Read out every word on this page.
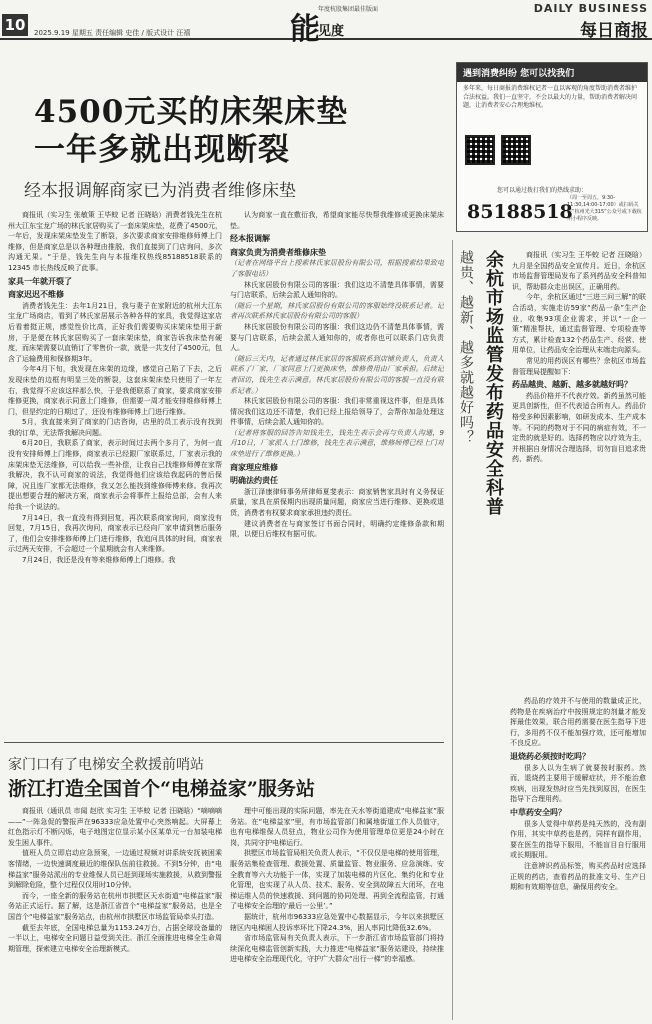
10	2025.9.19 星期五 责任编辑 史佳 / 版式设计 汪禧	能
年度杭股集团最佳版面
见度
DAILY BUSINESS
每日商报
4500元买的床架床垫
一年多就出现断裂
经本报调解商家已为消费者维修床垫

商报讯（实习生 张敏策 王毕蛟 记者 汪晓晗）消费者钱先生在杭州大江东宝龙广场的林氏家居购买了一套床架床垫，花费了4500元，一年后，发现床架床垫发生了断裂，多次要求商家安排维修师傅上门维修，但是商家总是以各种理由推脱，我们直接到了门店询问，多次沟通无果。“于是，钱先生向与本报维权热线85188518联系的 12345 市长热线反映了此事。

家具一年就开裂了

商家迟迟不维修

消费者钱先生：去年1月21日，我与妻子在家附近的杭州大江东宝龙广场商店，看到了林氏家居展示各种各样的家具，我觉得这家店后看着挺正规，感觉性价比高，正好我们需要购买床架床垫用于新房，于是便在林氏家居购买了一套床架床垫，商家告诉我床垫有硬度，而床架需要以直销订了零售价一款，就是一共支付了4500元，包含了运输费用和保修期3年。

今年4月下旬，我发现在床架的边缘，感觉自己陷了下去，之后发现床垫的边框有明显三处的断裂，这套床架床垫只使用了一年左右，我觉得不应该这样那么快，于是我便联系了商家，要求商家安排维修更换，商家表示同意上门维修，但需要一周才能安排维修师傅上门，但是约定的日期过了，还没有维修师傅上门进行维修。

5月，我直接来到了商家的门店咨询，店里的员工表示没有找到我的订单，无法帮我解决问题。

6月20日，我联系了商家，表示时间过去两个多月了，为何一直没有安排师傅上门维修，商家表示已经跟厂家联系过，厂家表示我的床架床垫无法维修，可以给我一些补偿，让我自己找维修师傅在家帮我解决，我不认可商家的说法，我觉得他们应该给我起码的售后保障，况且连厂家都无法维修，我又怎么能找到维修师傅来修。我再次提出想要合理的解决方案，商家表示会将事件上报给总部，会有人来给我一个说法的。

7月14日，我一直没有得到回复，再次联系商家询问，商家没有回复，7月15日，我再次询问，商家表示已经向厂家申请到售后服务了，他们会安排维修师傅上门进行维修，我追问具体的时间，商家表示过两天安排，不会超过一个星期就会有人来维修。

7月24日，我还是没有等来维修师傅上门维修。我

认为商家一直在敷衍我，希望商家能尽快帮我维修或更换床架床垫。

经本报调解

商家负责为消费者维修床垫

（记者在网络平台上搜索林氏家居股份有限公司，根据搜索结果致电了客服电话）

林氏家居股份有限公司的客服：我们这边不清楚具体事情，需要与门店联系，后续会派人通知你的。

（随后一个星期，林氏家居股份有限公司的客服始终没联系记者。记者再次联系林氏家居股份有限公司的客服）

林氏家居股份有限公司的客服：我们这边仍不清楚具体事情，需要与门店联系，后续会派人通知你的，或者你也可以联系门店负责人。

（随后三天内，记者通过林氏家居的客服联系到店铺负责人，负责人联系了厂家，厂家同意上门更换床垫，维修费用由厂家承担。后续记者回访，钱先生表示满意。林氏家居股份有限公司的客服一直没有联系记者。）

林氏家居股份有限公司的客服：我们非常重视这件事，但是具体情况我们这边还不清楚，我们已经上报给领导了，会帮你加急处理这件事情，后续会派人通知你的。

（记者将客服的回答告知钱先生，钱先生表示会再与负责人沟通，9月10日，厂家派人上门维修，钱先生表示满意，维修师傅已经上门对床垫进行了维修更换。）

商家理应维修

明确法约责任

浙江泽康律师事务所律师夏斐表示：商家销售家具时有义务保证质量，家具在质保期内出现质量问题，商家应当进行维修、更换或退货，消费者有权要求商家承担违约责任。

建议消费者在与商家签订书面合同时，明确约定维修条款和期限，以便日后维权有据可依。

遇到消费纠纷 您可以找我们
多年来，每日商报消费维权记者一直以客观的角度帮助消费者维护合法权益。我们一直坚守，不会以最大的力量，帮助消费者解决问题，让消费者安心合理地维权。
您可以通过拨打我们的热线求助：
85188518
（周一至周五，9:30-11:30,14:00-17:00）或扫码关注“杭州光大315”公众号或下载杭州小程序反映。
越贵、越新、越多就越好吗？ 余杭市场监管发布药品安全科普	商报讯（实习生 王毕蛟 记者 汪晓晗）九月是全国药品安全宣传月。近日，余杭区市场监督管理局发布了系列药品安全科普知识，帮助群众走出误区，正确用药。

今年，余杭区通过“三进三问三解”的联合活动，实施走访59家“药品一条”生产企业，收集93项企业需求，并以“一企一策”精准帮扶，通过监督管理、专项检查等方式，累计检查132个药品生产、经营、使用单位，让药品安全治理从末端走向源头。

常见的用药误区有哪些？余杭区市场监督管理局提醒如下：

药品越贵、越新、越多就越好吗？

药品价格并不代表疗效。新药虽然可能更具创新性，但不代表适合所有人。药品价格受多种因素影响，如研发成本、生产成本等。不同的药物对于不同的病症有效，不一定贵的就是好的。选择药物应以疗效为主，并根据自身情况合理选择，切勿盲目追求贵药、新药。

药品的疗效并不与使用的数量成正比，药物是在疾病治疗中按照规定的剂量才能发挥最佳效果，联合用药需要在医生指导下进行，多用药不仅不能加强疗效，还可能增加不良反应。

退烧药必须按时吃吗？

很多人以为生病了就要按时服药。然而，退烧药主要用于缓解症状，并不能治愈疾病，出现发热时应当先找到原因，在医生指导下合理用药。

中草药安全吗？

很多人觉得中草药是纯天然的，没有副作用，其实中草药也是药，同样有副作用，要在医生的指导下服用，不能盲目自行服用或长期服用。

注意辨识药品标签，购买药品时应选择正规的药店，查看药品的批准文号、生产日期和有效期等信息，确保用药安全。

家门口有了电梯安全救援前哨站
浙江打造全国首个“电梯益家”服务站

商报讯（通讯员 市闻 赵欣 实习生 王毕蛟 记者 汪晓晗）“嘀嘀嘀——”一阵急促的警报声在96333应急处置中心突然响起。大屏幕上红色指示灯不断闪烁，电子地图定位显示某小区某单元一台加装电梯发生困人事件。

值班人员立即启动应急预案，一边通过视频对讲系统安抚被困乘客情绪，一边快速调度最近的维保队伍前往救援。不到5分钟，由“电梯益家”服务站派出的专业维保人员已赶到现场实施救援，从救到警报到解除危险，整个过程仅仅用时10分钟。

而今，一座全新的服务站在杭州市拱墅区天水街道“电梯益家”服务站正式运行。据了解，这是浙江省首个“电梯益家”服务站，也是全国首个“电梯益家”服务站点，由杭州市拱墅区市场监管局牵头打造。

截至去年底，全国电梯总量为1153.24万台，占据全球设备量的一半以上，电梯安全问题日益受到关注。浙江全面推进电梯全生命周期管理，探索建立电梯安全治理新模式。

理中可能出现的实际问题，率先在天水等街道建成“电梯益家”服务站。在“电梯益家”里，有市场监管部门和属地街道工作人员值守，也有电梯维保人员驻点，物业公司作为使用管理单位更是24小时在岗，共同守护电梯运行。

拱墅区市场监管局相关负责人表示，“不仅仅是电梯的使用管理，服务站集检查管理、救援处置、质量监管、物业服务、应急演练、安全教育等六大功能于一体，实现了加装电梯的片区化、集约化和专业化管理，也实现了从人员、技术、服务、安全到故障五大闭环，在电梯运维人员的快速救援、到问题的协同处理、再到全流程监管，打通了电梯安全治理的‘最后一公里’。”

据统计，杭州市96333应急处置中心数据显示，今年以来拱墅区辖区内电梯困人投诉率环比下降24.3%，困人率同比降低32.6%。

省市场监管局有关负责人表示，下一步浙江省市场监管部门将持续深化电梯监管创新实践，大力推进“电梯益家”服务站建设，持续推进电梯安全治理现代化，守护广大群众“出行一梯”的幸福感。
